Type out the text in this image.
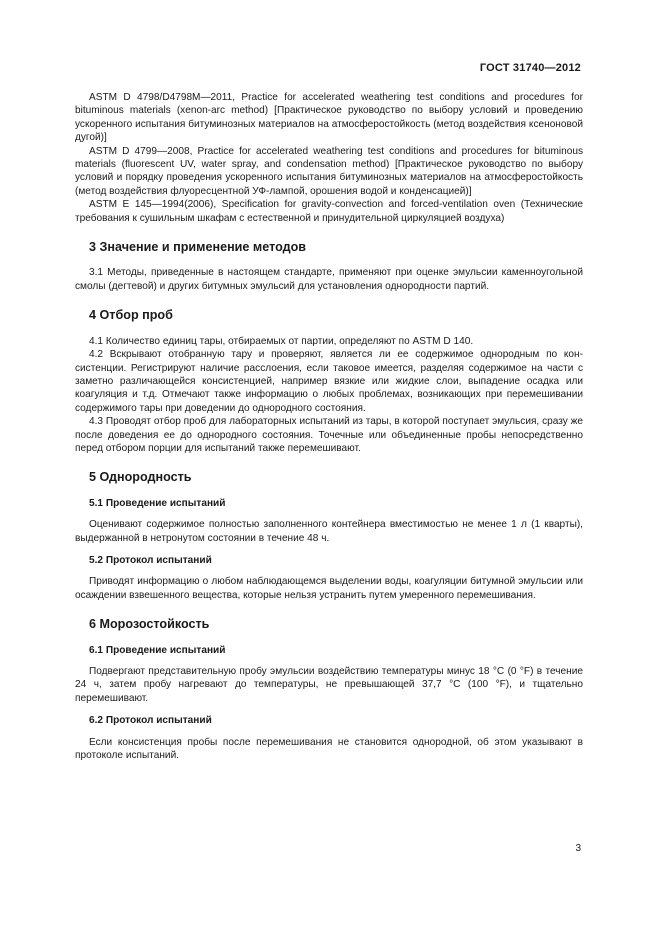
ГОСТ 31740—2012

ASTM D 4798/D4798M—2011, Practice for accelerated weathering test conditions and procedures for bituminous materials (xenon-arc method) [Практическое руководство по выбору условий и проведению ускоренного испытания битуминозных материалов на атмосферостойкость (метод воздействия ксеноновой дугой)]

ASTM D 4799—2008, Practice for accelerated weathering test conditions and procedures for bituminous materials (fluorescent UV, water spray, and condensation method) [Практическое руководство по выбору условий и порядку проведения ускоренного испытания битуминозных материалов на атмосферостойкость (метод воздействия флуоресцентной УФ-лампой, орошения водой и конденсацией)]

ASTM E 145—1994(2006), Specification for gravity-convection and forced-ventilation oven (Технические требования к сушильным шкафам с естественной и принудительной циркуляцией воздуха)

3 Значение и применение методов

3.1 Методы, приведенные в настоящем стандарте, применяют при оценке эмульсии каменноугольной смолы (дегтевой) и других битумных эмульсий для установления однородности партий.

4 Отбор проб

4.1 Количество единиц тары, отбираемых от партии, определяют по ASTM D 140.

4.2 Вскрывают отобранную тару и проверяют, является ли ее содержимое однородным по консистенции. Регистрируют наличие расслоения, если таковое имеется, разделяя содержимое на части с заметно различающейся консистенцией, например вязкие или жидкие слои, выпадение осадка или коагуляция и т.д. Отмечают также информацию о любых проблемах, возникающих при перемешивании содержимого тары при доведении до однородного состояния.

4.3 Проводят отбор проб для лабораторных испытаний из тары, в которой поступает эмульсия, сразу же после доведения ее до однородного состояния. Точечные или объединенные пробы непосредственно перед отбором порции для испытаний также перемешивают.

5 Однородность
5.1 Проведение испытаний

Оценивают содержимое полностью заполненного контейнера вместимостью не менее 1 л (1 кварты), выдержанной в нетронутом состоянии в течение 48 ч.

5.2 Протокол испытаний

Приводят информацию о любом наблюдающемся выделении воды, коагуляции битумной эмульсии или осаждении взвешенного вещества, которые нельзя устранить путем умеренного перемешивания.

6 Морозостойкость
6.1 Проведение испытаний

Подвергают представительную пробу эмульсии воздействию температуры минус 18 °С (0 °F) в течение 24 ч, затем пробу нагревают до температуры, не превышающей 37,7 °С (100 °F), и тщательно перемешивают.

6.2 Протокол испытаний

Если консистенция пробы после перемешивания не становится однородной, об этом указывают в протоколе испытаний.

3
